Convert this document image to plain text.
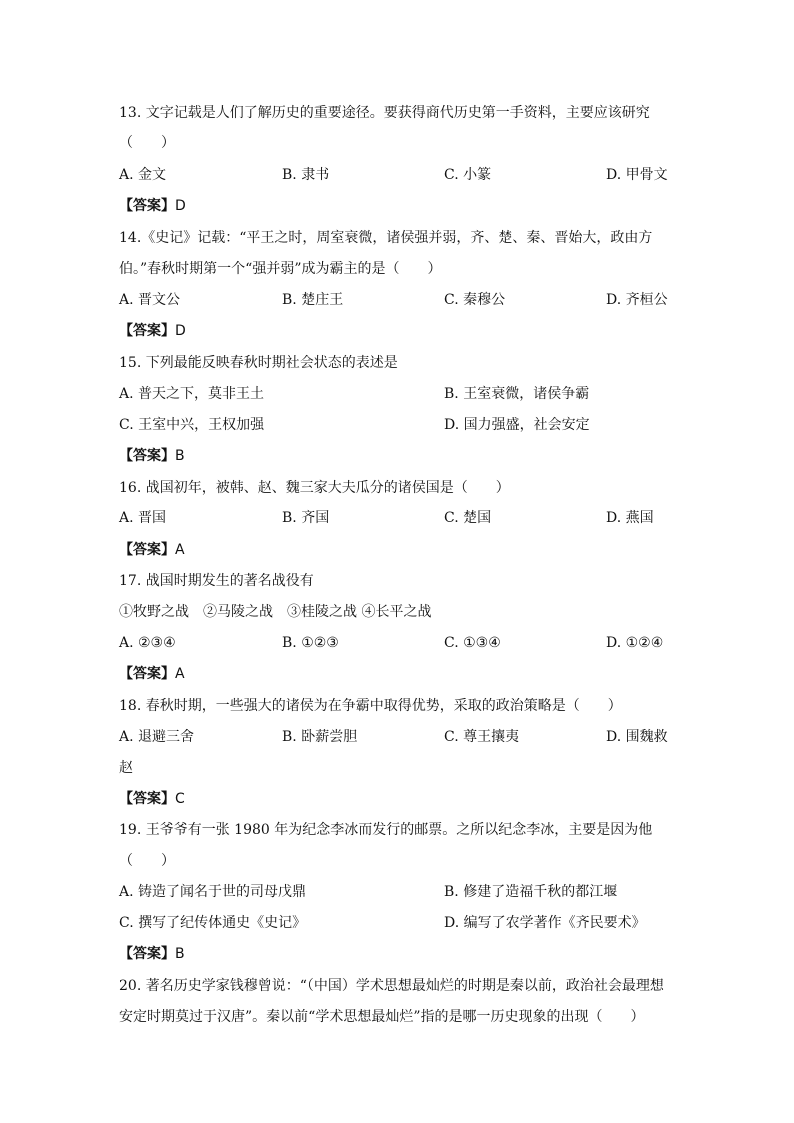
13. 文字记载是人们了解历史的重要途径。要获得商代历史第一手资料，主要应该研究
（　　）
A. 金文	B. 隶书	C. 小篆	D. 甲骨文
【答案】D
14.《史记》记载：“平王之时，周室衰微，诸侯强并弱，齐、楚、秦、晋始大，政由方
伯。”春秋时期第一个“强并弱”成为霸主的是（　　）
A. 晋文公	B. 楚庄王	C. 秦穆公	D. 齐桓公
【答案】D
15. 下列最能反映春秋时期社会状态的表述是
A. 普天之下，莫非王土	B. 王室衰微，诸侯争霸
C. 王室中兴，王权加强	D. 国力强盛，社会安定
【答案】B
16. 战国初年，被韩、赵、魏三家大夫瓜分的诸侯国是（　　）
A. 晋国	B. 齐国	C. 楚国	D. 燕国
【答案】A
17. 战国时期发生的著名战役有
①牧野之战　②马陵之战　③桂陵之战 ④长平之战
A. ②③④	B. ①②③	C. ①③④	D. ①②④
【答案】A
18. 春秋时期，一些强大的诸侯为在争霸中取得优势，采取的政治策略是（　　）
A. 退避三舍	B. 卧薪尝胆	C. 尊王攘夷	D. 围魏救
赵
【答案】C
19. 王爷爷有一张 1980 年为纪念李冰而发行的邮票。之所以纪念李冰，主要是因为他
（　　）
A. 铸造了闻名于世的司母戊鼎	B. 修建了造福千秋的都江堰
C. 撰写了纪传体通史《史记》	D. 编写了农学著作《齐民要术》
【答案】B
20. 著名历史学家钱穆曾说：“（中国）学术思想最灿烂的时期是秦以前，政治社会最理想
安定时期莫过于汉唐”。秦以前“学术思想最灿烂”指的是哪一历史现象的出现（　　）
